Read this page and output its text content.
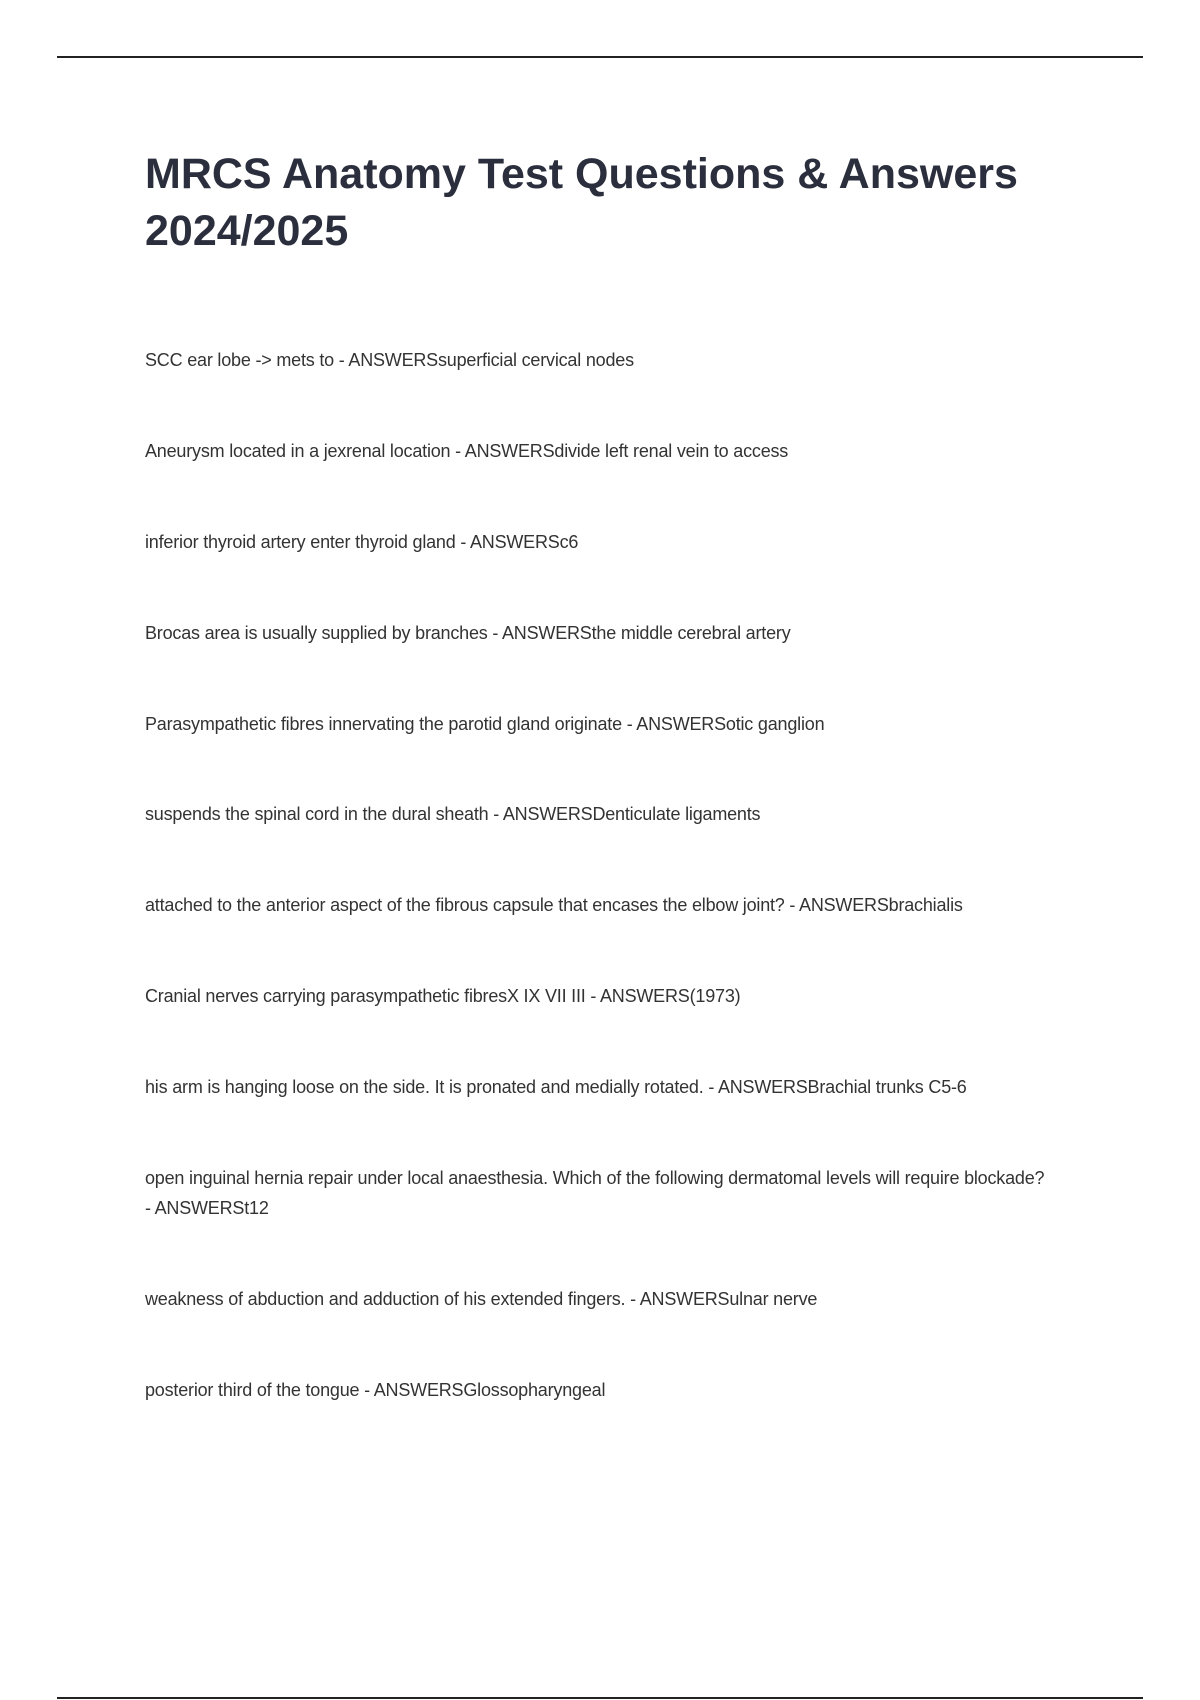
MRCS Anatomy Test Questions & Answers 2024/2025
SCC ear lobe -> mets to - ANSWERSsuperficial cervical nodes
Aneurysm located in a jexrenal location - ANSWERSdivide left renal vein to access
inferior thyroid artery enter thyroid gland - ANSWERSc6
Brocas area is usually supplied by branches - ANSWERSthe middle cerebral artery
Parasympathetic fibres innervating the parotid gland originate - ANSWERSotic ganglion
suspends the spinal cord in the dural sheath - ANSWERSDenticulate ligaments
attached to the anterior aspect of the fibrous capsule that encases the elbow joint? - ANSWERSbrachialis
Cranial nerves carrying parasympathetic fibresX IX VII III - ANSWERS(1973)
his arm is hanging loose on the side. It is pronated and medially rotated. - ANSWERSBrachial trunks C5-6
open inguinal hernia repair under local anaesthesia. Which of the following dermatomal levels will require blockade? - ANSWERSt12
weakness of abduction and adduction of his extended fingers. - ANSWERSulnar nerve
posterior third of the tongue - ANSWERSGlossopharyngeal
